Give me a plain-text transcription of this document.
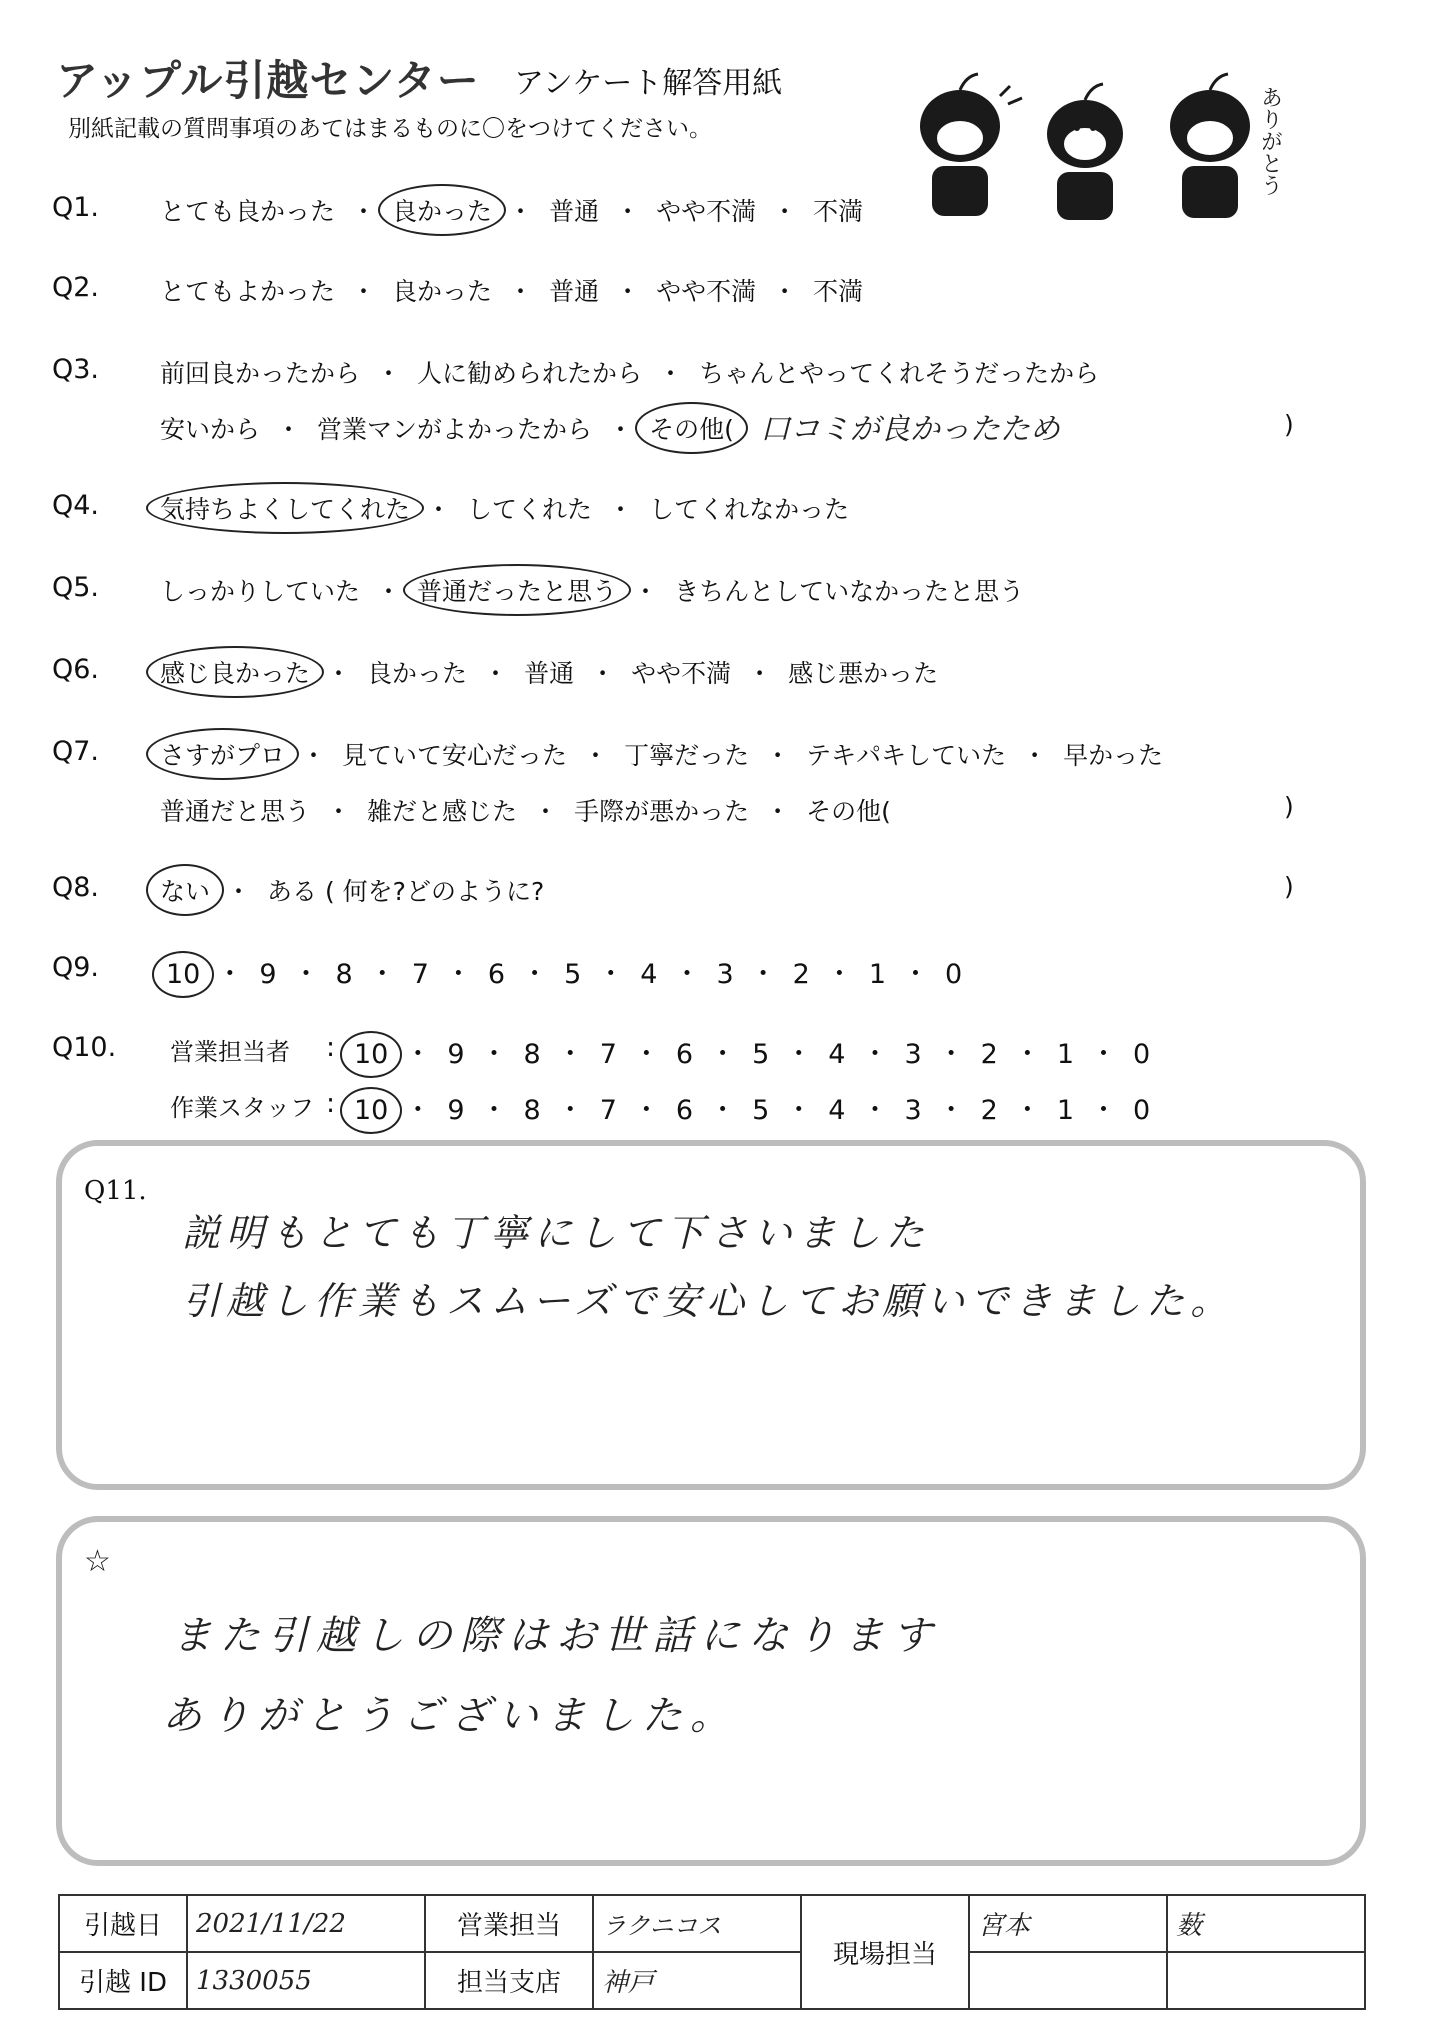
アップル引越センター アンケート解答用紙
別紙記載の質問事項のあてはまるものに〇をつけてください。	ありがとう
Q1. とても良かった ・ 良かった ・ 普通 ・ やや不満 ・ 不満
Q2. とてもよかった ・ 良かった ・ 普通 ・ やや不満 ・ 不満
Q3. 前回良かったから ・ 人に勧められたから ・ ちゃんとやってくれそうだったから
安いから ・ 営業マンがよかったから ・ その他( 口コミが良かったため	)
Q4. 気持ちよくしてくれた ・ してくれた ・ してくれなかった
Q5. しっかりしていた ・ 普通だったと思う ・ きちんとしていなかったと思う
Q6. 感じ良かった ・ 良かった ・ 普通 ・ やや不満 ・ 感じ悪かった
Q7. さすがプロ ・ 見ていて安心だった ・ 丁寧だった ・ テキパキしていた ・ 早かった
普通だと思う ・ 雑だと感じた ・ 手際が悪かった ・ その他(	)
Q8. ない ・ ある ( 何を?どのように?	)
Q9. 10 ・ 9 ・ 8 ・ 7 ・ 6 ・ 5 ・ 4 ・ 3 ・ 2 ・ 1 ・ 0
Q10. 営業担当者 : 10 ・ 9 ・ 8 ・ 7 ・ 6 ・ 5 ・ 4 ・ 3 ・ 2 ・ 1 ・ 0
作業スタッフ : 10 ・ 9 ・ 8 ・ 7 ・ 6 ・ 5 ・ 4 ・ 3 ・ 2 ・ 1 ・ 0
Q11.
説明もとても丁寧にして下さいました
引越し作業もスムーズで安心してお願いできました。
☆
また引越しの際はお世話になります
ありがとうございました。
引越日	2021/11/22	営業担当	ラクニコス	現場担当	宮本	薮
引越 ID	1330055	担当支店	神戸			
